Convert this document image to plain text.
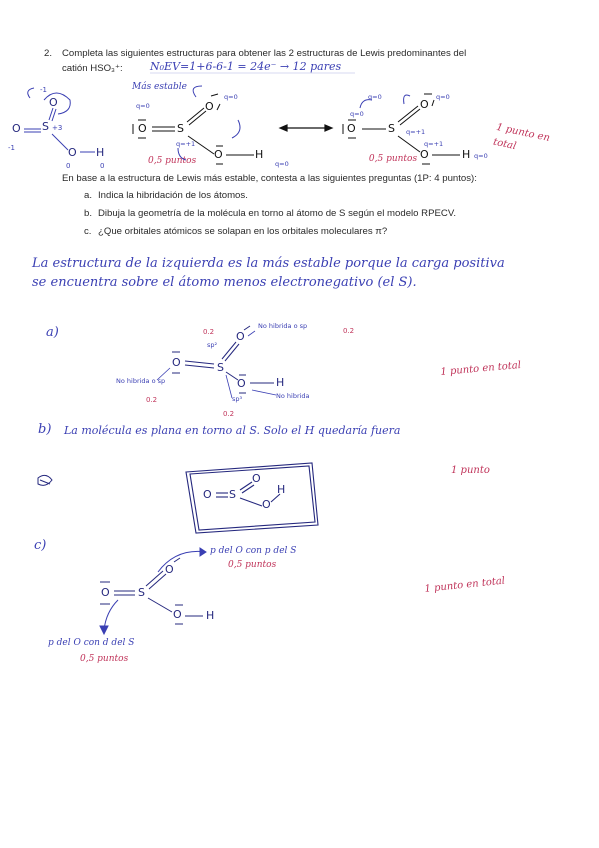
2. Completa las siguientes estructuras para obtener las 2 estructuras de Lewis predominantes del
catión HSO₃⁺: N₀EV=1+6-6-1 = 24e⁻ → 12 pares
Más estable
O
O S
O H
-1
+3
-1
0	0
O	S
O
O	H
q=0
q=0
q=+1
q=0
0,5 puntos
O	S
O
O	H
q=0	q=0
q=0
q=+1
q=+1
q=0
0,5 puntos
1 punto en total
En base a la estructura de Lewis más estable, contesta a las siguientes preguntas (1P: 4 puntos):
a. Indica la hibridación de los átomos.
b. Dibuja la geometría de la molécula en torno al átomo de S según el modelo RPECV.
c. ¿Que orbitales atómicos se solapan en los orbitales moleculares π?
La estructura de la izquierda es la más estable porque la carga positiva
se encuentra sobre el átomo menos electronegativo (el S).
a)
O	S
O
O	H
sp²
sp³
No hibrida o sp
No hibrida o sp
No hibrida
0.2	0.2
0.2
0.2
1 punto en total
b) La molécula es plana en torno al S. Solo el H quedaría fuera
1 punto
O S
O
O
H
c)
O	S
O
O H
p del O con p del S
0,5 puntos
p del O con d del S
0,5 puntos
1 punto en total
